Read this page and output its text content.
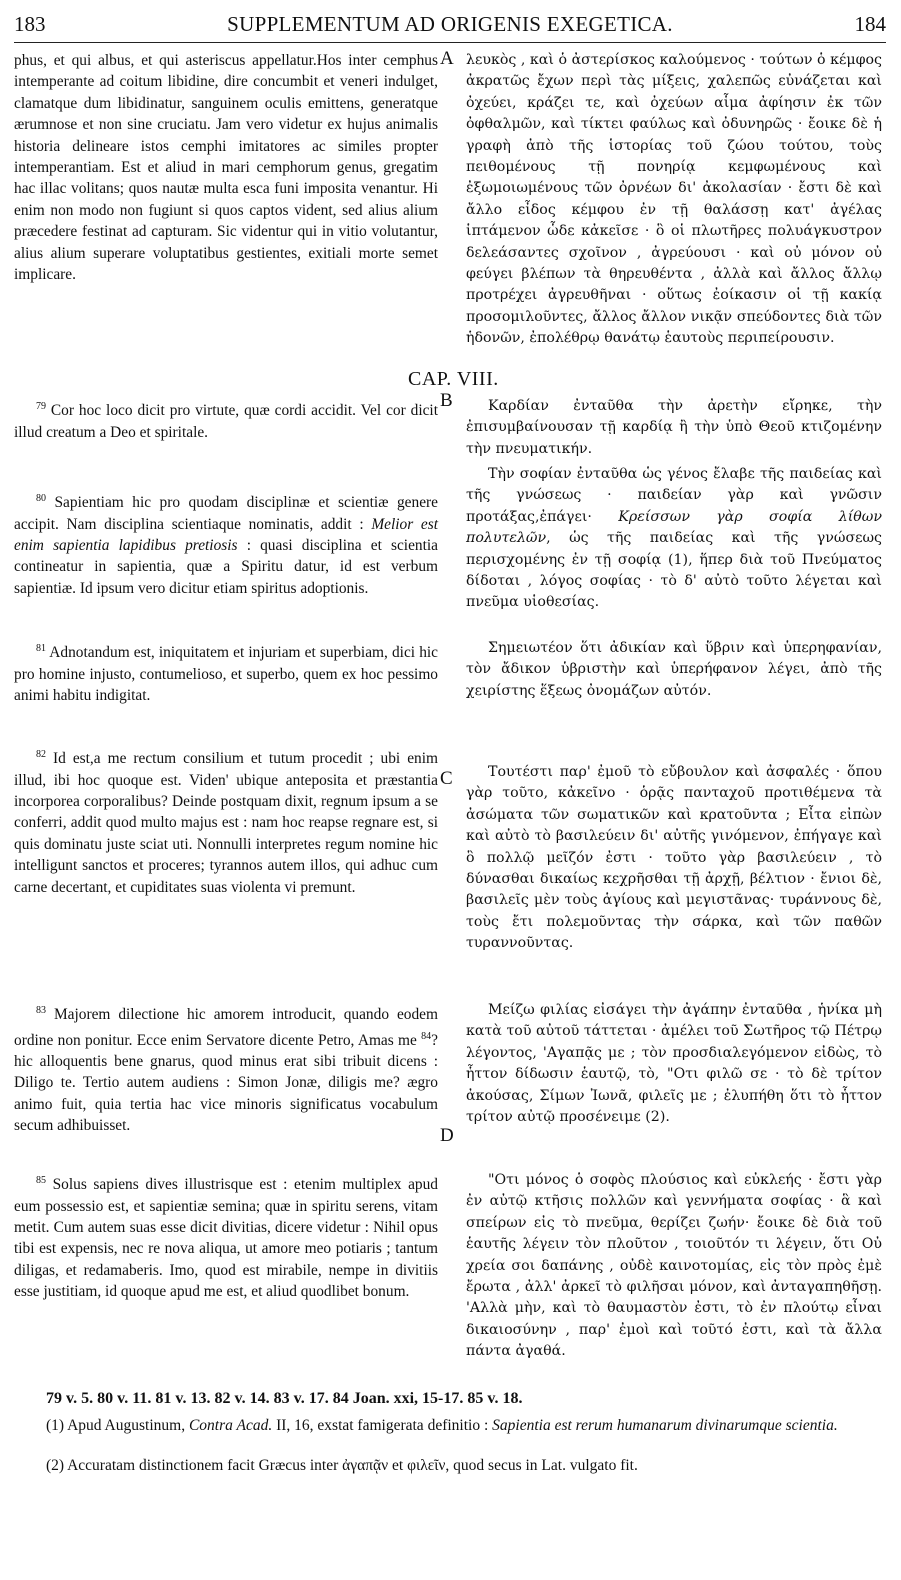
183	SUPPLEMENTUM AD ORIGENIS EXEGETICA.	184
A
B
C
D

phus, et qui albus, et qui asteriscus appellatur.Hos inter cemphus intemperante ad coitum libidine, dire concumbit et veneri indulget, clamatque dum libidinatur, sanguinem oculis emittens, generatque ærumnose et non sine cruciatu. Jam vero videtur ex hujus animalis historia delineare istos cemphi imitatores ac similes propter intemperantiam. Est et aliud in mari cemphorum genus, gregatim hac illac volitans; quos nautæ multa esca funi imposita venantur. Hi enim non modo non fugiunt si quos captos vident, sed alius alium præcedere festinat ad capturam. Sic videntur qui in vitio volutantur, alius alium superare voluptatibus gestientes, exitiali morte semet implicare.

CAP. VIII.

$^{79}$ Cor hoc loco dicit pro virtute, quæ cordi accidit. Vel cor dicit illud creatum a Deo et spiritale.

$^{80}$ Sapientiam hic pro quodam disciplinæ et scientiæ genere accipit. Nam disciplina scientiaque nominatis, addit : Melior est enim sapientia lapidibus pretiosis : quasi disciplina et scientia contineatur in sapientia, quæ a Spiritu datur, id est verbum sapientiæ. Id ipsum vero dicitur etiam spiritus adoptionis.

$^{81}$ Adnotandum est, iniquitatem et injuriam et superbiam, dici hic pro homine injusto, contumelioso, et superbo, quem ex hoc pessimo animi habitu indigitat.

$^{82}$ Id est,a me rectum consilium et tutum procedit ; ubi enim illud, ibi hoc quoque est. Viden' ubique anteposita et præstantia incorporea corporalibus? Deinde postquam dixit, regnum ipsum a se conferri, addit quod multo majus est : nam hoc reapse regnare est, si quis dominatu juste sciat uti. Nonnulli interpretes regum nomine hic intelligunt sanctos et proceres; tyrannos autem illos, qui adhuc cum carne decertant, et cupiditates suas violenta vi premunt.

$^{83}$ Majorem dilectione hic amorem introducit, quando eodem ordine non ponitur. Ecce enim Servatore dicente Petro, Amas me $^{84}$? hic alloquentis bene gnarus, quod minus erat sibi tribuit dicens : Diligo te. Tertio autem audiens : Simon Jonæ, diligis me? ægro animo fuit, quia tertia hac vice minoris significatus vocabulum secum adhibuisset.

$^{85}$ Solus sapiens dives illustrisque est : etenim multiplex apud eum possessio est, et sapientiæ semina; quæ in spiritu serens, vitam metit. Cum autem suas esse dicit divitias, dicere videtur : Nihil opus tibi est expensis, nec re nova aliqua, ut amore meo potiaris ; tantum diligas, et redamaberis. Imo, quod est mirabile, nempe in divitiis esse justitiam, id quoque apud me est, et aliud quodlibet bonum.

λευκὸς , καὶ ὁ ἀστερίσκος καλούμενος · τούτων ὁ κέμφος ἀκρατῶς ἔχων περὶ τὰς μίξεις, χαλεπῶς εὐνάζεται καὶ ὀχεύει, κράζει τε, καὶ ὀχεύων αἷμα ἀφίησιν ἐκ τῶν ὀφθαλμῶν, καὶ τίκτει φαύλως καὶ ὀδυνηρῶς · ἔοικε δὲ ἡ γραφὴ ἀπὸ τῆς ἱστορίας τοῦ ζώου τούτου, τοὺς πειθομένους τῇ πονηρίᾳ κεμφωμένους καὶ ἐξωμοιωμένους τῶν ὀρνέων δι' ἀκολασίαν · ἔστι δὲ καὶ ἄλλο εἶδος κέμφου ἐν τῇ θαλάσσῃ κατ' ἀγέλας ἱπτάμενον ὧδε κἀκεῖσε · ὃ οἱ πλωτῆρες πολυάγκυστρον δελεάσαντες σχοῖνον , ἀγρεύουσι · καὶ οὐ μόνον οὐ φεύγει βλέπων τὰ θηρευθέντα , ἀλλὰ καὶ ἄλλος ἄλλῳ προτρέχει ἀγρευθῆναι · οὕτως ἐοίκασιν οἱ τῇ κακίᾳ προσομιλοῦντες, ἄλλος ἄλλον νικᾷν σπεύδοντες διὰ τῶν ἡδονῶν, ἐπολέθρῳ θανάτῳ ἑαυτοὺς περιπείρουσιν.

Καρδίαν ἐνταῦθα τὴν ἀρετὴν εἴρηκε, τὴν ἐπισυμβαίνουσαν τῇ καρδίᾳ ἢ τὴν ὑπὸ Θεοῦ κτιζομένην τὴν πνευματικήν.

Τὴν σοφίαν ἐνταῦθα ὡς γένος ἔλαβε τῆς παιδείας καὶ τῆς γνώσεως · παιδείαν γὰρ καὶ γνῶσιν προτάξας,ἐπάγει· Κρείσσων γὰρ σοφία λίθων πολυτελῶν, ὡς τῆς παιδείας καὶ τῆς γνώσεως περισχομένης ἐν τῇ σοφίᾳ (1), ἥπερ διὰ τοῦ Πνεύματος δίδοται , λόγος σοφίας · τὸ δ' αὐτὸ τοῦτο λέγεται καὶ πνεῦμα υἱοθεσίας.

Σημειωτέον ὅτι ἀδικίαν καὶ ὕβριν καὶ ὑπερηφανίαν, τὸν ἄδικον ὑβριστὴν καὶ ὑπερήφανον λέγει, ἀπὸ τῆς χειρίστης ἕξεως ὀνομάζων αὐτόν.

Τουτέστι παρ' ἐμοῦ τὸ εὔβουλον καὶ ἀσφαλές · ὅπου γὰρ τοῦτο, κἀκεῖνο · ὁρᾷς πανταχοῦ προτιθέμενα τὰ ἀσώματα τῶν σωματικῶν καὶ κρατοῦντα ; Εἶτα εἰπὼν καὶ αὐτὸ τὸ βασιλεύειν δι' αὐτῆς γινόμενον, ἐπήγαγε καὶ ὃ πολλῷ μεῖζόν ἐστι · τοῦτο γὰρ βασιλεύειν , τὸ δύνασθαι δικαίως κεχρῆσθαι τῇ ἀρχῇ, βέλτιον · ἔνιοι δὲ, βασιλεῖς μὲν τοὺς ἁγίους καὶ μεγιστᾶνας· τυράννους δὲ, τοὺς ἔτι πολεμοῦντας τὴν σάρκα, καὶ τῶν παθῶν τυραννοῦντας.

Μείζω φιλίας εἰσάγει τὴν ἀγάπην ἐνταῦθα , ἡνίκα μὴ κατὰ τοῦ αὐτοῦ τάττεται · ἀμέλει τοῦ Σωτῆρος τῷ Πέτρῳ λέγοντος, 'Αγαπᾷς με ; τὸν προσδιαλεγόμενον εἰδὼς, τὸ ἧττον δίδωσιν ἑαυτῷ, τὸ, "Οτι φιλῶ σε · τὸ δὲ τρίτον ἀκούσας, Σίμων Ἰωνᾶ, φιλεῖς με ; ἐλυπήθη ὅτι τὸ ἧττον τρίτον αὐτῷ προσένειμε (2).

"Οτι μόνος ὁ σοφὸς πλούσιος καὶ εὐκλεής · ἔστι γὰρ ἐν αὐτῷ κτῆσις πολλῶν καὶ γεννήματα σοφίας · ἃ καὶ σπείρων εἰς τὸ πνεῦμα, θερίζει ζωήν· ἔοικε δὲ διὰ τοῦ ἑαυτῆς λέγειν τὸν πλοῦτον , τοιοῦτόν τι λέγειν, ὅτι Οὐ χρεία σοι δαπάνης , οὐδὲ καινοτομίας, εἰς τὸν πρὸς ἐμὲ ἔρωτα , ἀλλ' ἀρκεῖ τὸ φιλῆσαι μόνον, καὶ ἀνταγαπηθῆσῃ. 'Αλλὰ μὴν, καὶ τὸ θαυμαστὸν ἐστι, τὸ ἐν πλούτῳ εἶναι δικαιοσύνην , παρ' ἐμοὶ καὶ τοῦτό ἐστι, καὶ τὰ ἄλλα πάντα ἀγαθά.

79 v. 5. 80 v. 11. 81 v. 13. 82 v. 14. 83 v. 17. 84 Joan. xxi, 15-17. 85 v. 18.
(1) Apud Augustinum, Contra Acad. II, 16, exstat famigerata definitio : Sapientia est rerum humanarum divinarumque scientia.
(2) Accuratam distinctionem facit Græcus inter ἀγαπᾷν et φιλεῖν, quod secus in Lat. vulgato fit.
